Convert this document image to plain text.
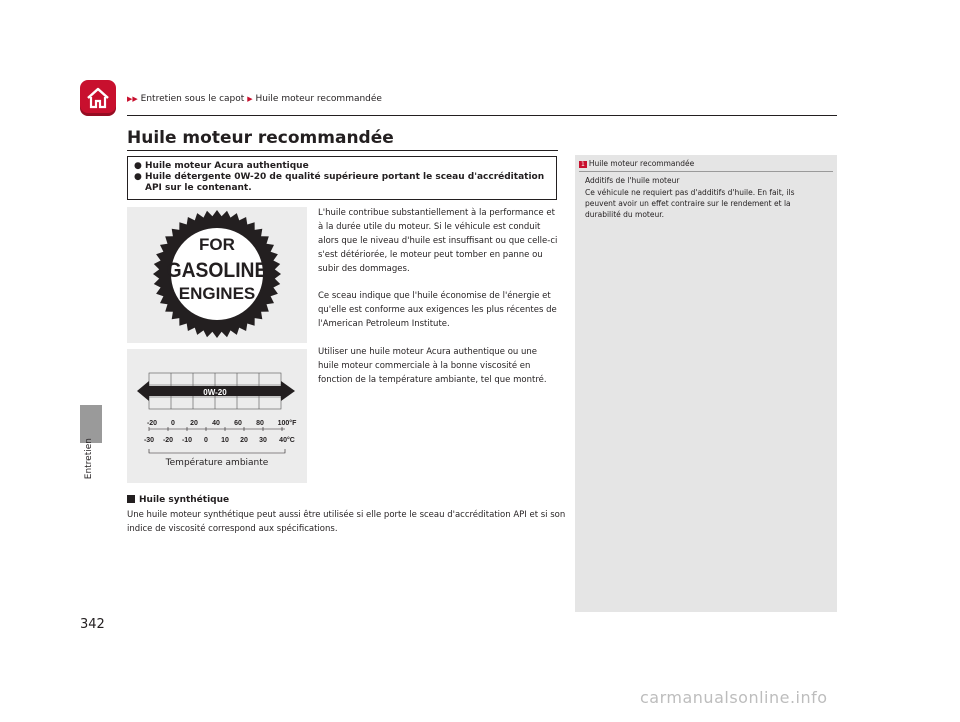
▶▶ Entretien sous le capot ▶ Huile moteur recommandée
Entretien
342
Huile moteur recommandée
● Huile moteur Acura authentique
● Huile détergente 0W-20 de qualité supérieure portant le sceau d'accréditation API sur le contenant.
FOR
GASOLINE
ENGINES
0W-20
-20 0 20 40 60 80 100°F
-30 -20 -10 0 10 20 30 40°C
Température ambiante
L'huile contribue substantiellement à la performance et à la durée utile du moteur. Si le véhicule est conduit alors que le niveau d'huile est insuffisant ou que celle-ci s'est détériorée, le moteur peut tomber en panne ou subir des dommages.
Ce sceau indique que l'huile économise de l'énergie et qu'elle est conforme aux exigences les plus récentes de l'American Petroleum Institute.
Utiliser une huile moteur Acura authentique ou une huile moteur commerciale à la bonne viscosité en fonction de la température ambiante, tel que montré.
Huile synthétique
Une huile moteur synthétique peut aussi être utilisée si elle porte le sceau d'accréditation API et si son indice de viscosité correspond aux spécifications.
1 Huile moteur recommandée
Additifs de l'huile moteur
Ce véhicule ne requiert pas d'additifs d'huile. En fait, ils peuvent avoir un effet contraire sur le rendement et la durabilité du moteur.
carmanualsonline.info
